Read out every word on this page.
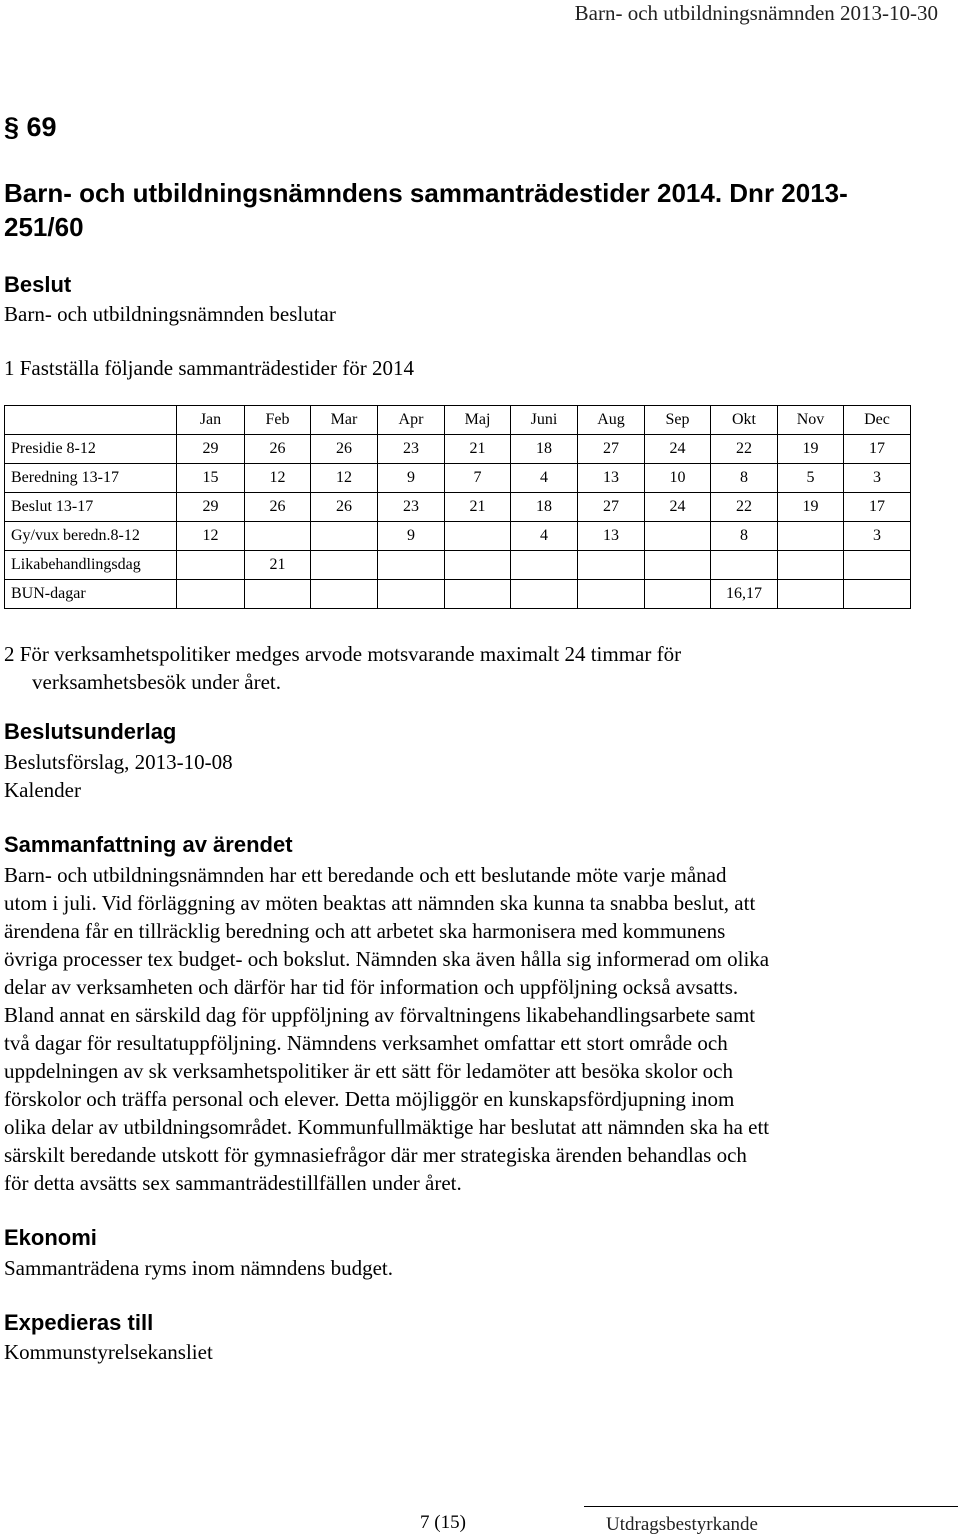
Barn- och utbildningsnämnden 2013-10-30
§ 69
Barn- och utbildningsnämndens sammanträdestider 2014. Dnr 2013-251/60
Beslut
Barn- och utbildningsnämnden beslutar
1 Fastställa följande sammanträdestider för 2014
	Jan	Feb	Mar	Apr	Maj	Juni	Aug	Sep	Okt	Nov	Dec
Presidie 8-12	29	26	26	23	21	18	27	24	22	19	17
Beredning 13-17	15	12	12	9	7	4	13	10	8	5	3
Beslut 13-17	29	26	26	23	21	18	27	24	22	19	17
Gy/vux beredn.8-12	12			9		4	13		8		3
Likabehandlingsdag		21									
BUN-dagar									16,17		
2 För verksamhetspolitiker medges arvode motsvarande maximalt 24 timmar för
verksamhetsbesök under året.
Beslutsunderlag
Beslutsförslag, 2013-10-08
Kalender
Sammanfattning av ärendet
Barn- och utbildningsnämnden har ett beredande och ett beslutande möte varje månad
utom i juli. Vid förläggning av möten beaktas att nämnden ska kunna ta snabba beslut, att
ärendena får en tillräcklig beredning och att arbetet ska harmonisera med kommunens
övriga processer tex budget- och bokslut. Nämnden ska även hålla sig informerad om olika
delar av verksamheten och därför har tid för information och uppföljning också avsatts.
Bland annat en särskild dag för uppföljning av förvaltningens likabehandlingsarbete samt
två dagar för resultatuppföljning. Nämndens verksamhet omfattar ett stort område och
uppdelningen av sk verksamhetspolitiker är ett sätt för ledamöter att besöka skolor och
förskolor och träffa personal och elever. Detta möjliggör en kunskapsfördjupning inom
olika delar av utbildningsområdet. Kommunfullmäktige har beslutat att nämnden ska ha ett
särskilt beredande utskott för gymnasiefrågor där mer strategiska ärenden behandlas och
för detta avsätts sex sammanträdestillfällen under året.
Ekonomi
Sammanträdena ryms inom nämndens budget.
Expedieras till
Kommunstyrelsekansliet
Utdragsbestyrkande
7 (15)
